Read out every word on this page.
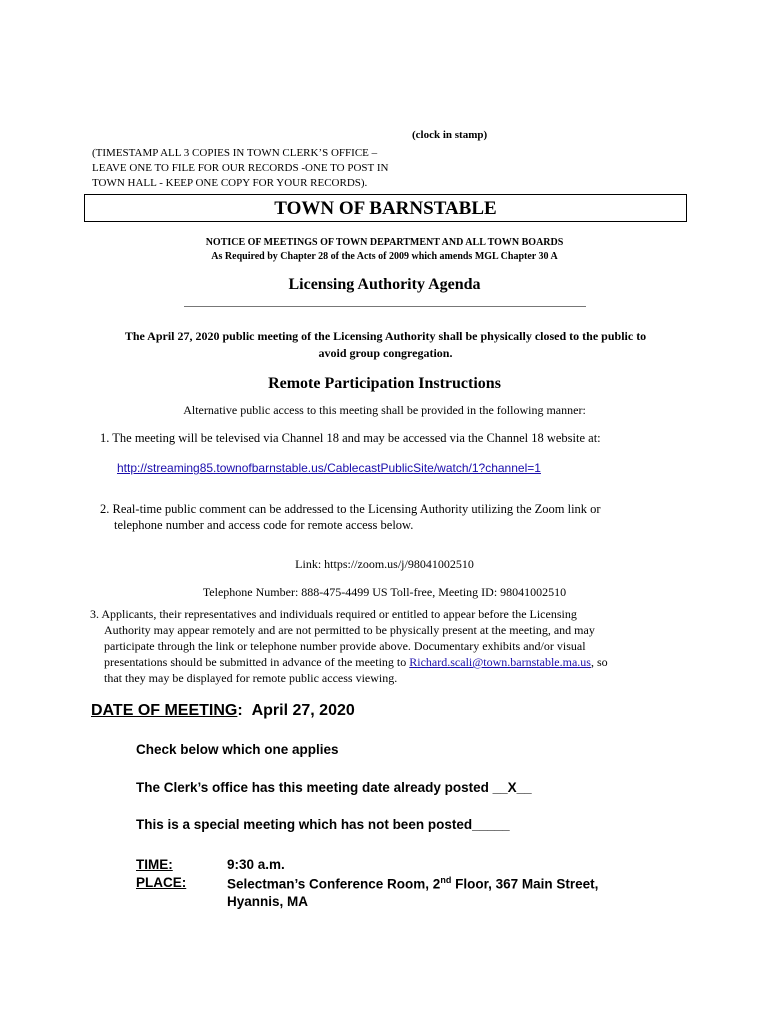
(clock in stamp)
(TIMESTAMP ALL 3 COPIES IN TOWN CLERK’S OFFICE –
LEAVE ONE TO FILE FOR OUR RECORDS -ONE TO POST IN
TOWN HALL - KEEP ONE COPY FOR YOUR RECORDS).
TOWN OF BARNSTABLE
NOTICE OF MEETINGS OF TOWN DEPARTMENT AND ALL TOWN BOARDS
As Required by Chapter 28 of the Acts of 2009 which amends MGL Chapter 30 A
Licensing Authority Agenda
The April 27, 2020 public meeting of the Licensing Authority shall be physically closed to the public to
avoid group congregation.
Remote Participation Instructions
Alternative public access to this meeting shall be provided in the following manner:
1. The meeting will be televised via Channel 18 and may be accessed via the Channel 18 website at:
http://streaming85.townofbarnstable.us/CablecastPublicSite/watch/1?channel=1
2. Real-time public comment can be addressed to the Licensing Authority utilizing the Zoom link or
telephone number and access code for remote access below.
Link: https://zoom.us/j/98041002510
Telephone Number: 888-475-4499 US Toll-free, Meeting ID: 98041002510
3. Applicants, their representatives and individuals required or entitled to appear before the Licensing
Authority may appear remotely and are not permitted to be physically present at the meeting, and may
participate through the link or telephone number provide above. Documentary exhibits and/or visual
presentations should be submitted in advance of the meeting to Richard.scali@town.barnstable.ma.us, so
that they may be displayed for remote public access viewing.
DATE OF MEETING: April 27, 2020
Check below which one applies
The Clerk’s office has this meeting date already posted __X__
This is a special meeting which has not been posted_____
TIME:	9:30 a.m.
PLACE:	Selectman’s Conference Room, 2nd Floor, 367 Main Street,
Hyannis, MA
